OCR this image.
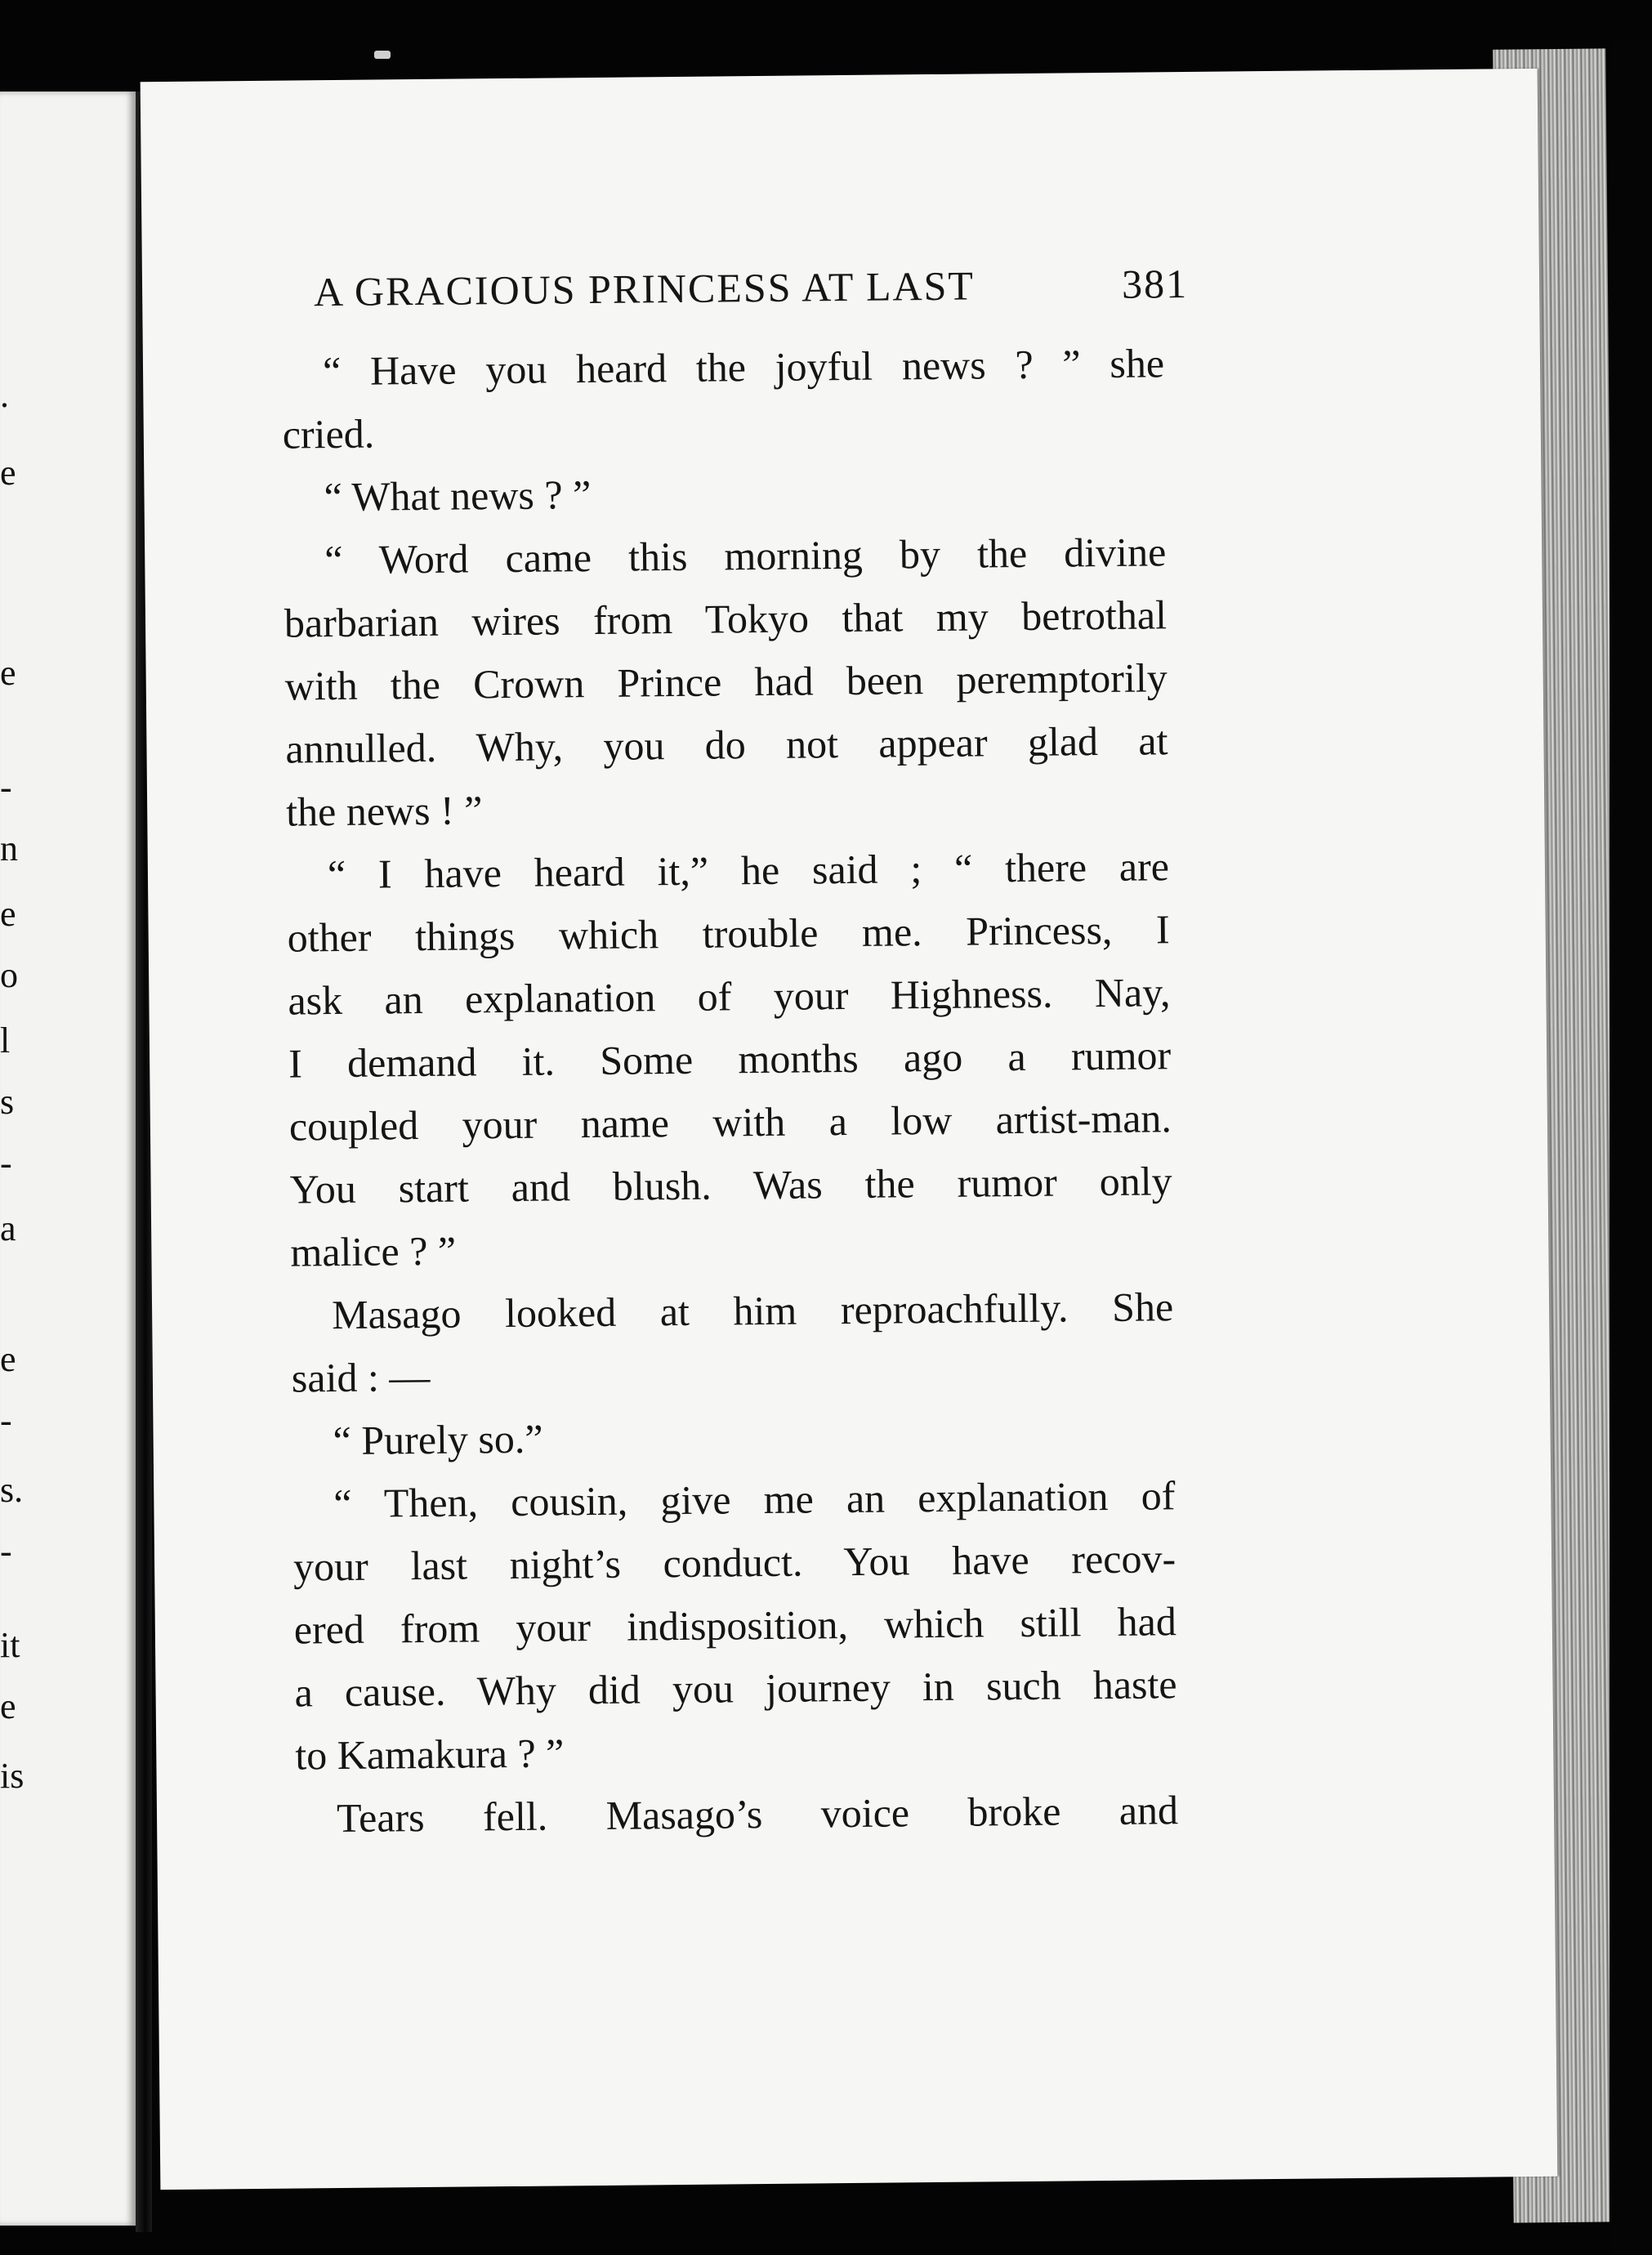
.
e
e
-
n
e
o
l
s
-
a
e
-
s.
-
it
e
is
A GRACIOUS PRINCESS AT LAST	381
“ Have you heard the joyful news ? ” she
cried.
“ What news ? ”
“ Word came this morning by the divine
barbarian wires from Tokyo that my betrothal
with the Crown Prince had been peremptorily
annulled. Why, you do not appear glad at
the news ! ”
“ I have heard it,” he said ; “ there are
other things which trouble me. Princess, I
ask an explanation of your Highness. Nay,
I demand it. Some months ago a rumor
coupled your name with a low artist-man.
You start and blush. Was the rumor only
malice ? ”
Masago looked at him reproachfully. She
said : —
“ Purely so.”
“ Then, cousin, give me an explanation of
your last night’s conduct. You have recov-
ered from your indisposition, which still had
a cause. Why did you journey in such haste
to Kamakura ? ”
Tears fell. Masago’s voice broke and
